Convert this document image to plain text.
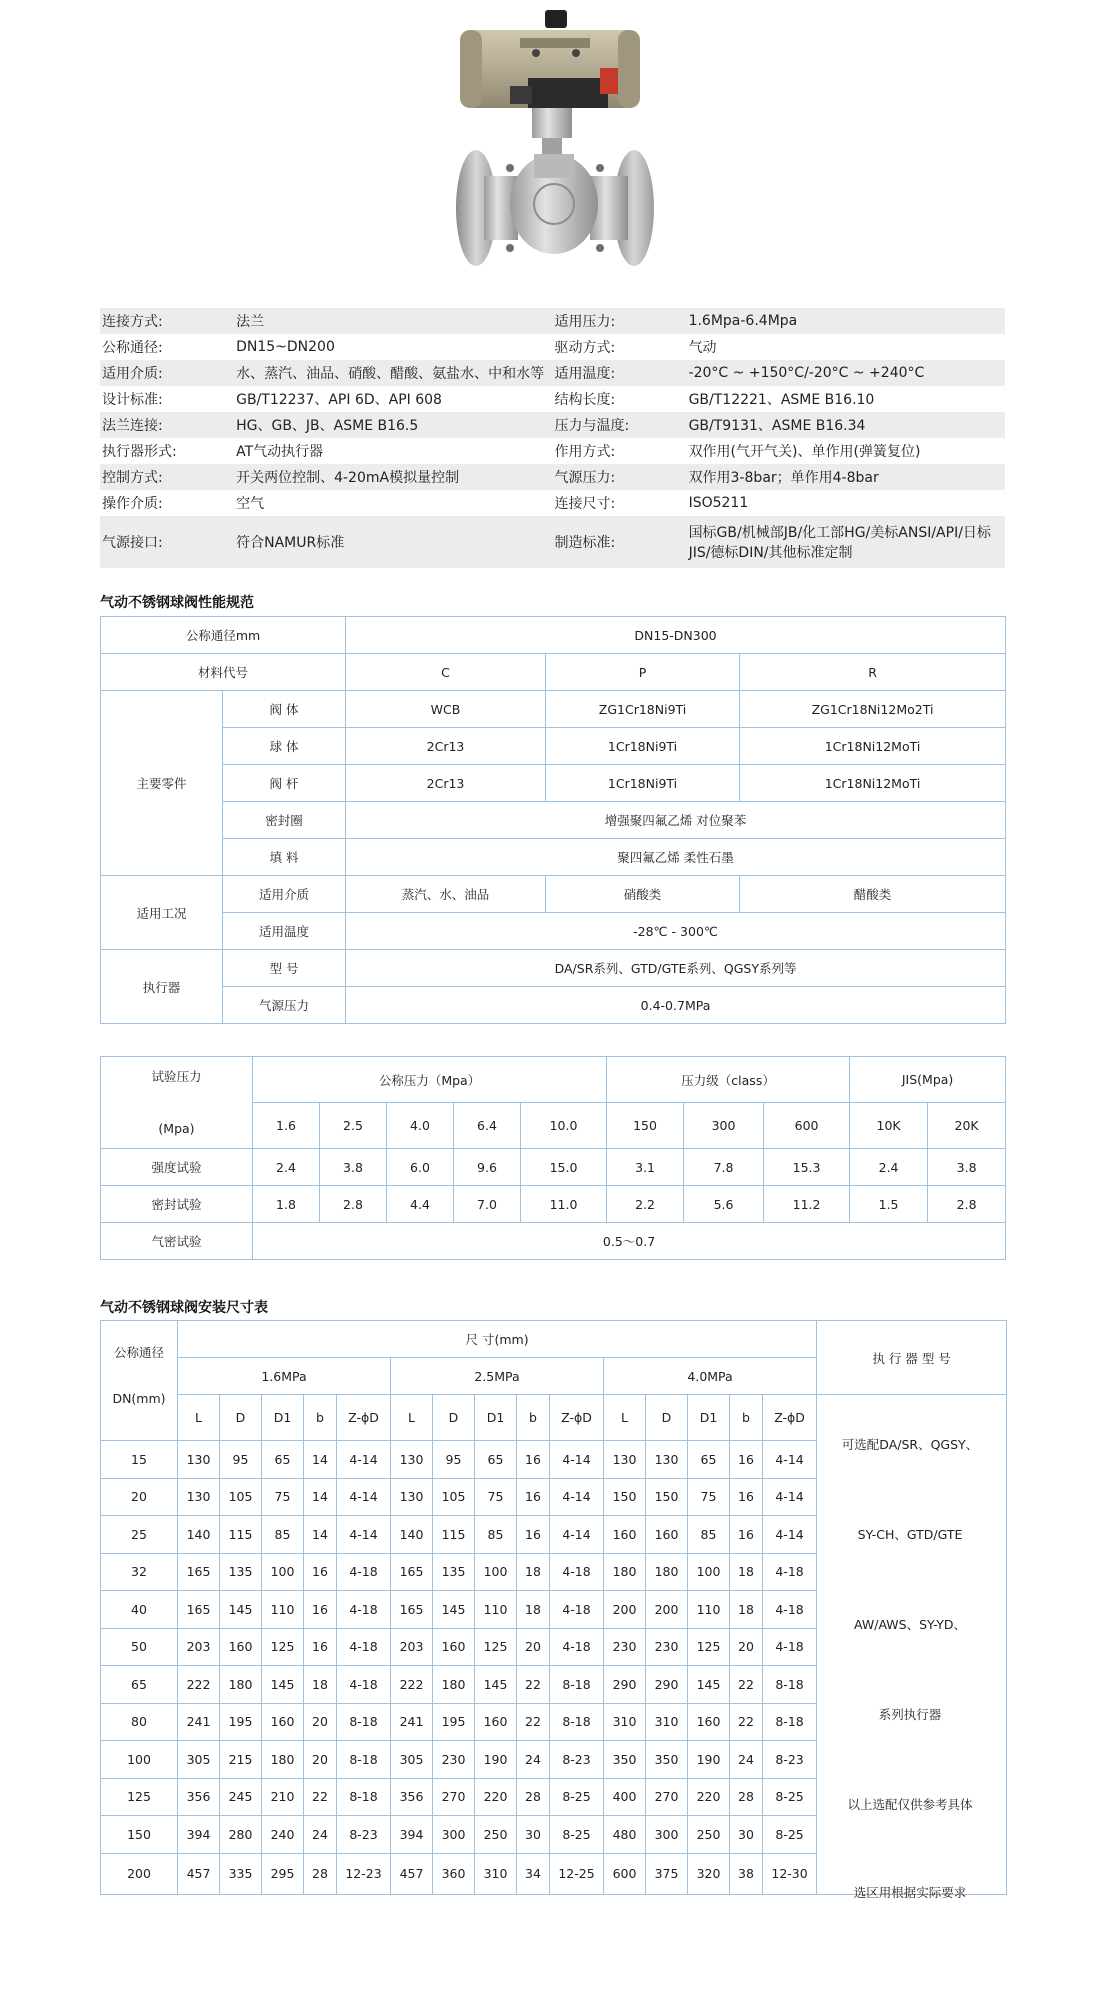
连接方式:	法兰	适用压力:	1.6Mpa-6.4Mpa
公称通径:	DN15~DN200	驱动方式:	气动
适用介质:	水、蒸汽、油品、硝酸、醋酸、氨盐水、中和水等	适用温度:	-20°C ~ +150°C/-20°C ~ +240°C
设计标准:	GB/T12237、API 6D、API 608	结构长度:	GB/T12221、ASME B16.10
法兰连接:	HG、GB、JB、ASME B16.5	压力与温度:	GB/T9131、ASME B16.34
执行器形式:	AT气动执行器	作用方式:	双作用(气开气关)、单作用(弹簧复位)
控制方式:	开关两位控制、4-20mA模拟量控制	气源压力:	双作用3-8bar；单作用4-8bar
操作介质:	空气	连接尺寸:	ISO5211
气源接口:	符合NAMUR标准	制造标准:	国标GB/机械部JB/化工部HG/美标ANSI/API/日标JIS/德标DIN/其他标准定制
气动不锈钢球阀性能规范
公称通径mm		DN15-DN300		
材料代号		C	P	R
主要零件	阀 体	WCB	ZG1Cr18Ni9Ti	ZG1Cr18Ni12Mo2Ti
	球 体	2Cr13	1Cr18Ni9Ti	1Cr18Ni12MoTi
	阀 杆	2Cr13	1Cr18Ni9Ti	1Cr18Ni12MoTi
	密封圈	增强聚四氟乙烯 对位聚苯		
	填 料	聚四氟乙烯 柔性石墨		
适用工况	适用介质	蒸汽、水、油品	硝酸类	醋酸类
	适用温度	-28℃ - 300℃		
执行器	型 号	DA/SR系列、GTD/GTE系列、QGSY系列等		
	气源压力	0.4-0.7MPa		
试验压力
(Mpa)	公称压力（Mpa）					压力级（class）			JIS(Mpa)	
	1.6	2.5	4.0	6.4	10.0	150	300	600	10K	20K
强度试验	2.4	3.8	6.0	9.6	15.0	3.1	7.8	15.3	2.4	3.8
密封试验	1.8	2.8	4.4	7.0	11.0	2.2	5.6	11.2	1.5	2.8
气密试验	0.5～0.7									
气动不锈钢球阀安装尺寸表
公称通径
DN(mm)	尺 寸(mm)															执 行 器 型 号
	1.6MPa					2.5MPa					4.0MPa					
	L	D	D1	b	Z-ϕD	L	D	D1	b	Z-ϕD	L	D	D1	b	Z-ϕD	
15	130	95	65	14	4-14	130	95	65	16	4-14	130	130	65	16	4-14	
20	130	105	75	14	4-14	130	105	75	16	4-14	150	150	75	16	4-14	
25	140	115	85	14	4-14	140	115	85	16	4-14	160	160	85	16	4-14	
32	165	135	100	16	4-18	165	135	100	18	4-18	180	180	100	18	4-18	
40	165	145	110	16	4-18	165	145	110	18	4-18	200	200	110	18	4-18	
50	203	160	125	16	4-18	203	160	125	20	4-18	230	230	125	20	4-18	
65	222	180	145	18	4-18	222	180	145	22	8-18	290	290	145	22	8-18	
80	241	195	160	20	8-18	241	195	160	22	8-18	310	310	160	22	8-18	
100	305	215	180	20	8-18	305	230	190	24	8-23	350	350	190	24	8-23	
125	356	245	210	22	8-18	356	270	220	28	8-25	400	270	220	28	8-25	
150	394	280	240	24	8-23	394	300	250	30	8-25	480	300	250	30	8-25	
200	457	335	295	28	12-23	457	360	310	34	12-25	600	375	320	38	12-30	
可选配DA/SR、QGSY、
SY-CH、GTD/GTE
AW/AWS、SY-YD、
系列执行器
以上选配仅供参考具体
选区用根据实际要求
